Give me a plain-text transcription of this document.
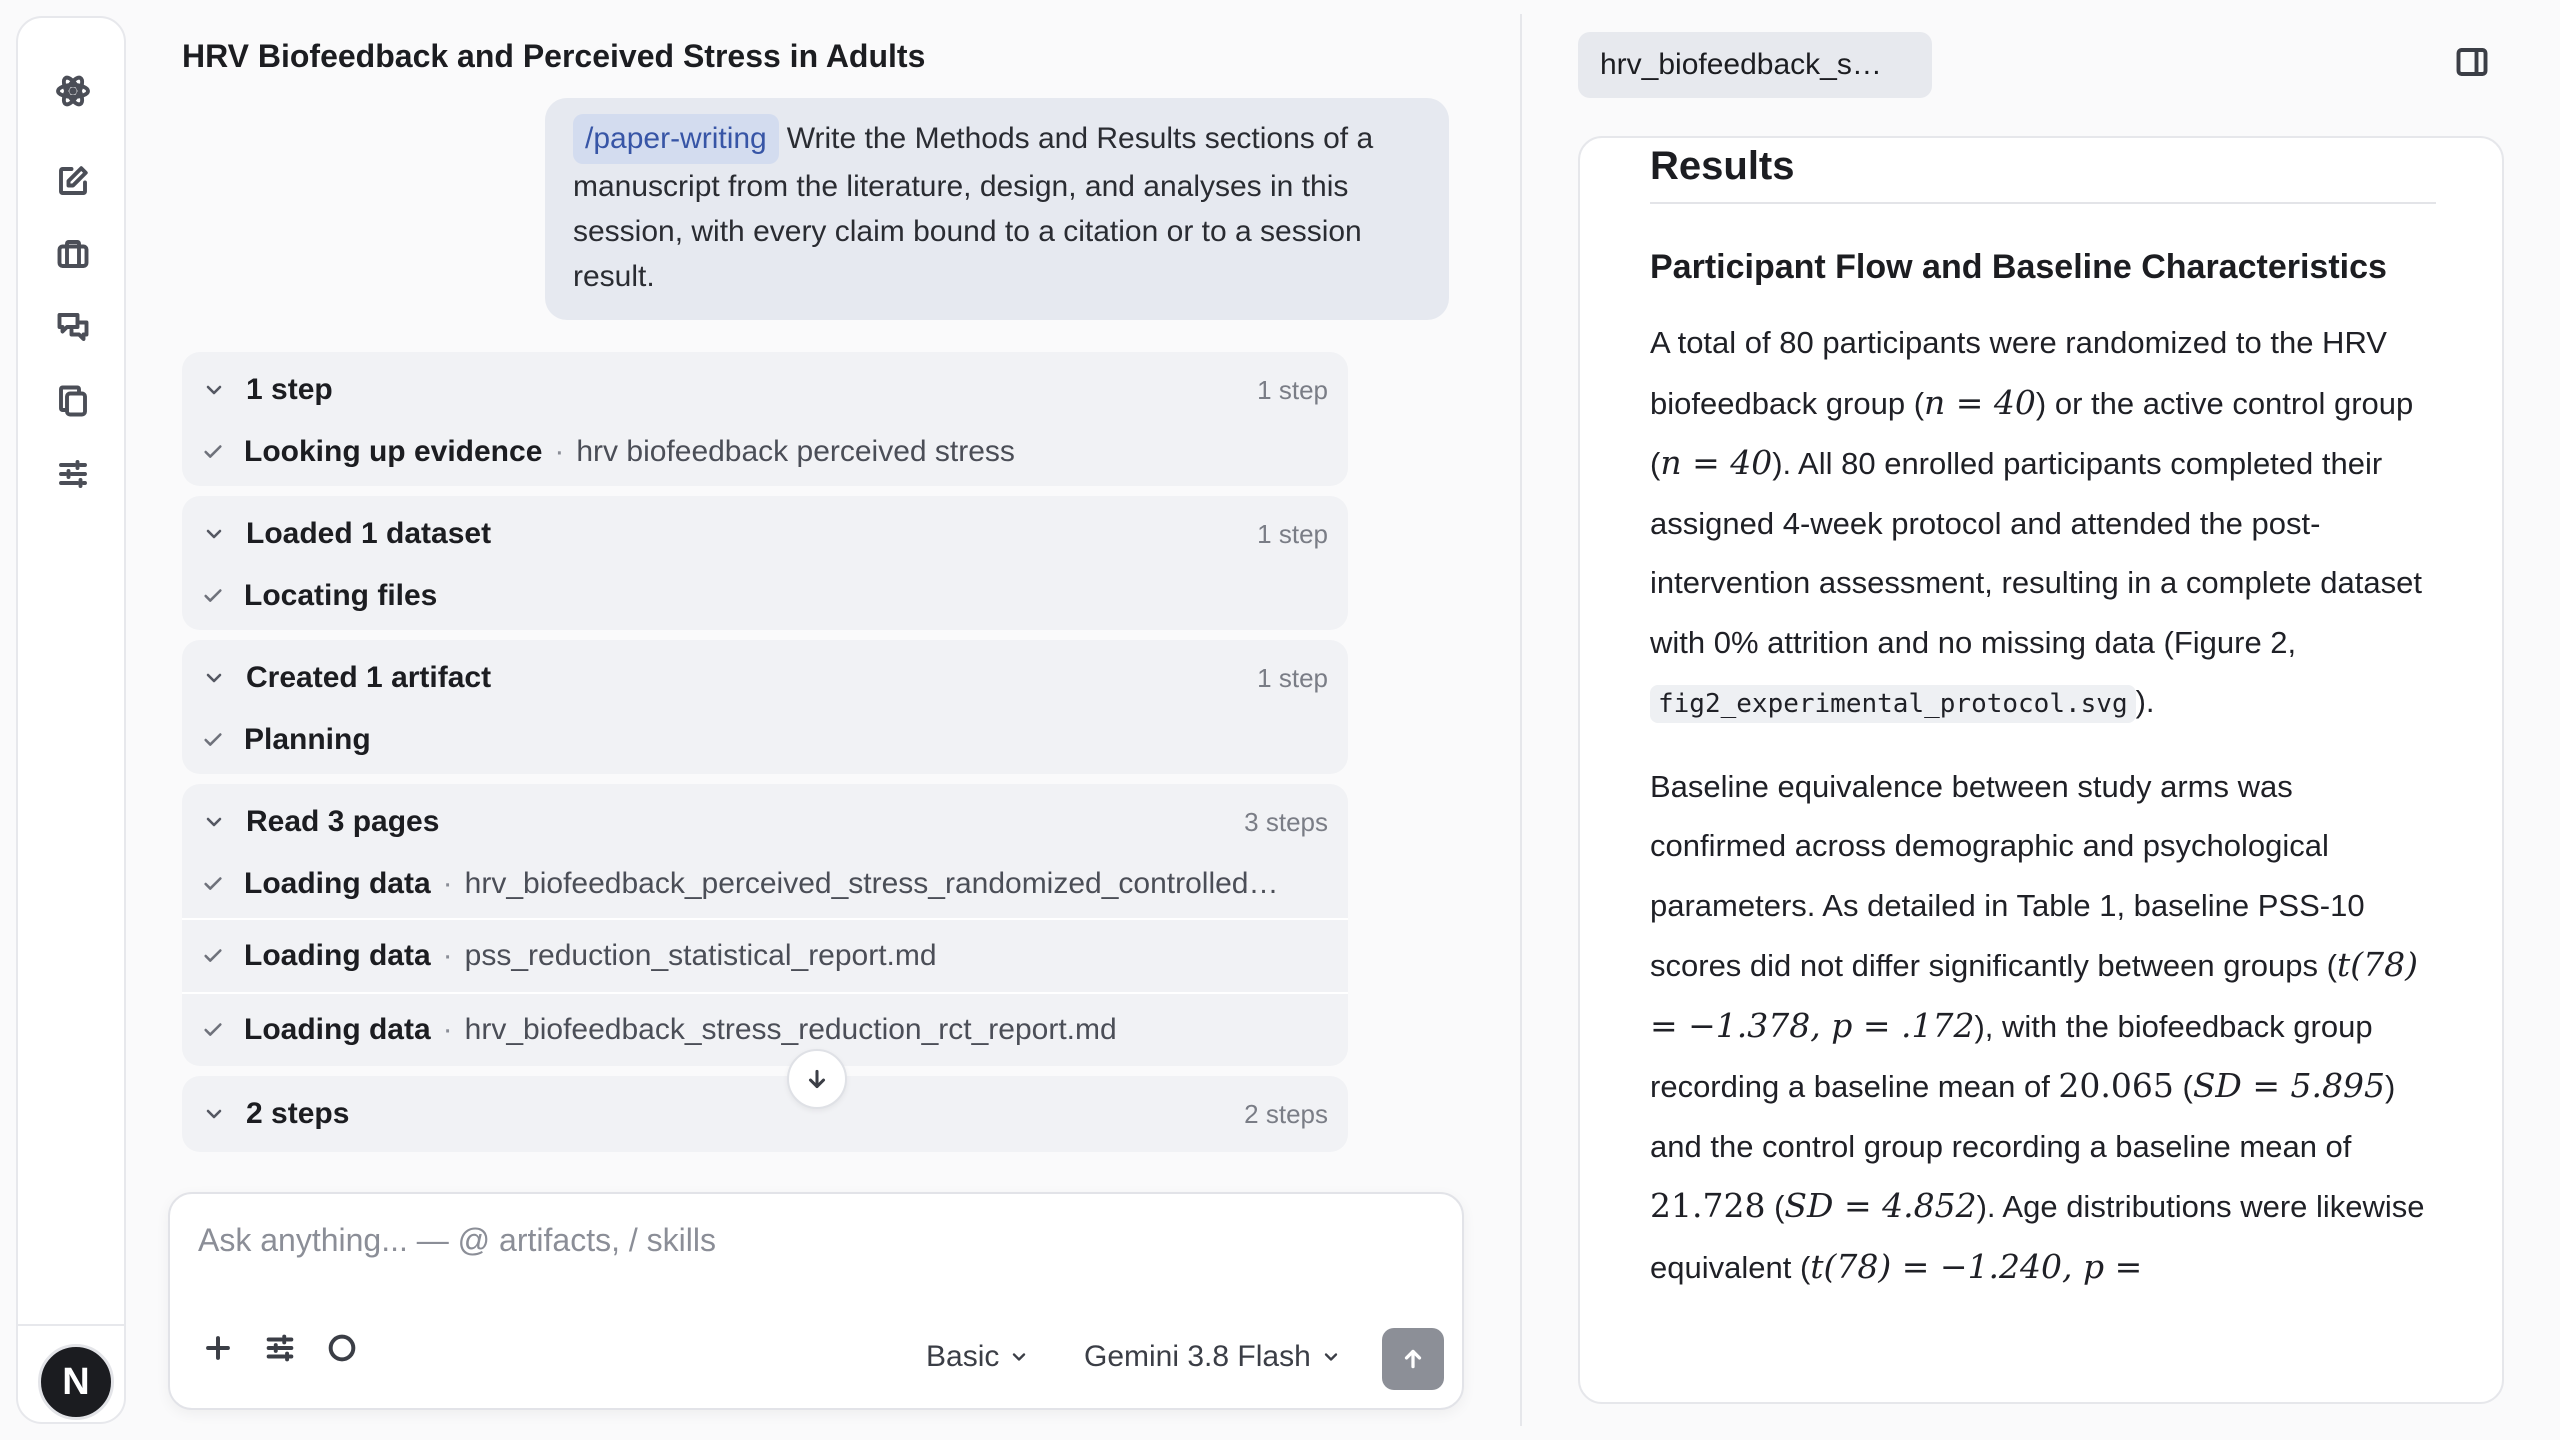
N
HRV Biofeedback and Perceived Stress in Adults
/paper-writing Write the Methods and Results sections of a manuscript from the literature, design, and analyses in this session, with every claim bound to a citation or to a session result.
1 step	1 step
Looking up evidence · hrv biofeedback perceived stress
Loaded 1 dataset	1 step
Locating files
Created 1 artifact	1 step
Planning
Read 3 pages	3 steps
Loading data · hrv_biofeedback_perceived_stress_randomized_controlled…
Loading data · pss_reduction_statistical_report.md
Loading data · hrv_biofeedback_stress_reduction_rct_report.md
2 steps	2 steps
Ask anything... — @ artifacts, / skills
Basic	Gemini 3.8 Flash
hrv_biofeedback_s…
Results
Participant Flow and Baseline Characteristics

A total of 80 participants were randomized to the HRV biofeedback group (n = 40) or the active control group (n = 40). All 80 enrolled participants completed their assigned 4-week protocol and attended the post-intervention assessment, resulting in a complete dataset with 0% attrition and no missing data (Figure 2, fig2_experimental_protocol.svg ).

Baseline equivalence between study arms was confirmed across demographic and psychological parameters. As detailed in Table 1, baseline PSS-10 scores did not differ significantly between groups (t(78) = −1.378, p = .172), with the biofeedback group recording a baseline mean of 20.065 (SD = 5.895) and the control group recording a baseline mean of 21.728 (SD = 4.852). Age distributions were likewise equivalent (t(78) = −1.240, p =
